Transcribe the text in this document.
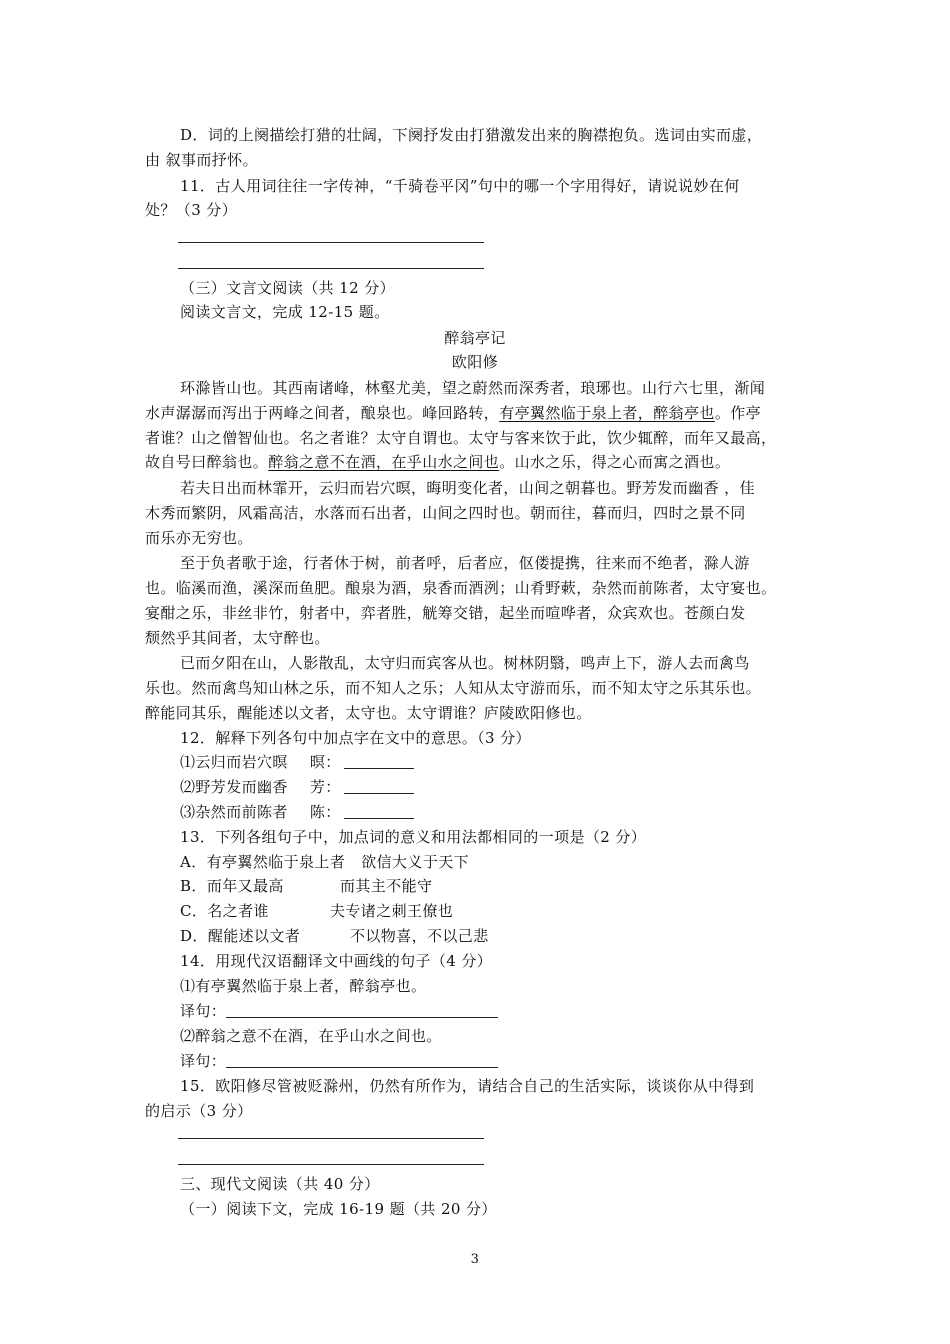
D．词的上阕描绘打猎的壮阔，下阕抒发由打猎激发出来的胸襟抱负。选词由实而虚，
由 叙事而抒怀。
11．古人用词往往一字传神，“千骑卷平冈”句中的哪一个字用得好，请说说妙在何
处？（3 分）
（三）文言文阅读（共 12 分）
阅读文言文，完成 12-15 题。
醉翁亭记
欧阳修
环滁皆山也。其西南诸峰，林壑尤美，望之蔚然而深秀者，琅琊也。山行六七里，渐闻
水声潺潺而泻出于两峰之间者，酿泉也。峰回路转，有亭翼然临于泉上者，醉翁亭也。作亭
者谁？山之僧智仙也。名之者谁？太守自谓也。太守与客来饮于此，饮少辄醉，而年又最高，
故自号曰醉翁也。醉翁之意不在酒，在乎山水之间也。山水之乐，得之心而寓之酒也。
若夫日出而林霏开，云归而岩穴暝，晦明变化者，山间之朝暮也。野芳发而幽香 ，佳
木秀而繁阴，风霜高洁，水落而石出者，山间之四时也。朝而往，暮而归，四时之景不同
而乐亦无穷也。
至于负者歌于途，行者休于树，前者呼，后者应，伛偻提携，往来而不绝者，滁人游
也。临溪而渔，溪深而鱼肥。酿泉为酒，泉香而酒洌；山肴野蔌，杂然而前陈者，太守宴也。
宴酣之乐，非丝非竹，射者中，弈者胜，觥筹交错，起坐而喧哗者，众宾欢也。苍颜白发
颓然乎其间者，太守醉也。
已而夕阳在山，人影散乱，太守归而宾客从也。树林阴翳，鸣声上下，游人去而禽鸟
乐也。然而禽鸟知山林之乐，而不知人之乐；人知从太守游而乐，而不知太守之乐其乐也。
醉能同其乐，醒能述以文者，太守也。太守谓谁？庐陵欧阳修也。
12．解释下列各句中加点字在文中的意思。（3 分）
⑴云归而岩穴暝 暝：
⑵野芳发而幽香 芳：
⑶杂然而前陈者 陈：
13．下列各组句子中，加点词的意义和用法都相同的一项是（2 分）
A．有亭翼然临于泉上者 欲信大义于天下
B．而年又最高	而其主不能守
C．名之者谁	夫专诸之刺王僚也
D．醒能述以文者	不以物喜，不以己悲
14．用现代汉语翻译文中画线的句子（4 分）
⑴有亭翼然临于泉上者，醉翁亭也。
译句：
⑵醉翁之意不在酒，在乎山水之间也。
译句：
15．欧阳修尽管被贬滁州，仍然有所作为，请结合自己的生活实际，谈谈你从中得到
的启示（3 分）
三、现代文阅读（共 40 分）
（一）阅读下文，完成 16-19 题（共 20 分）
3
